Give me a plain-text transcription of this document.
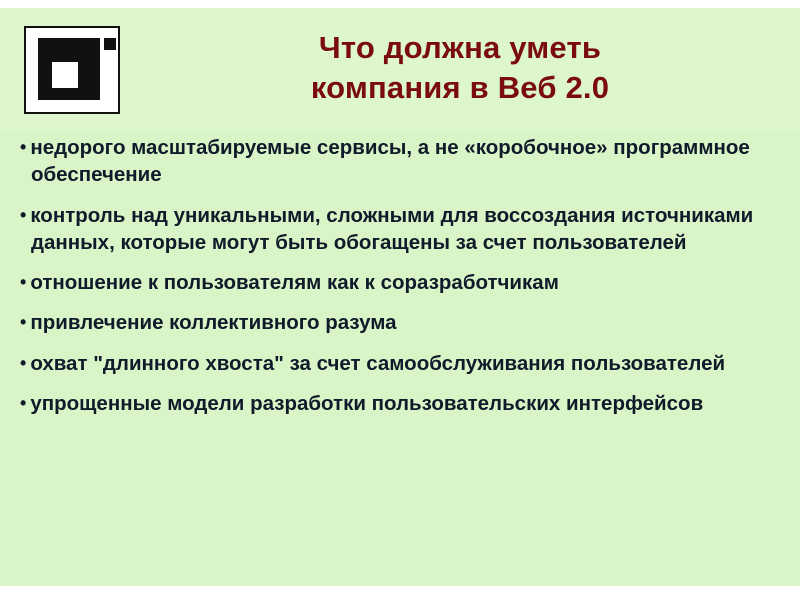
Что должна уметь
компания в Веб 2.0

• недорого масштабируемые сервисы, а не «коробочное» программное обеспечение

• контроль над уникальными, сложными для воссоздания источниками данных, которые могут быть обогащены за счет пользователей

• отношение к пользователям как к соразработчикам

• привлечение коллективного разума

• охват "длинного хвоста" за счет самообслуживания пользователей

• упрощенные модели разработки пользовательских интерфейсов
